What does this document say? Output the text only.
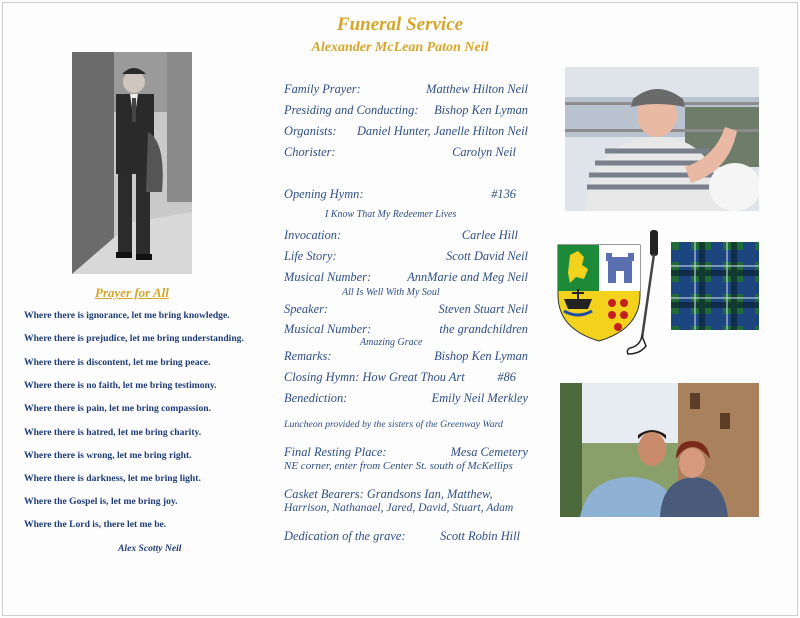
Funeral Service
Alexander McLean Paton Neil
Prayer for All
Where there is ignorance, let me bring knowledge.
Where there is prejudice, let me bring understanding.
Where there is discontent, let me bring peace.
Where there is no faith, let me bring testimony.
Where there is pain, let me bring compassion.
Where there is hatred, let me bring charity.
Where there is wrong, let me bring right.
Where there is darkness, let me bring light.
Where the Gospel is, let me bring joy.
Where the Lord is, there let me be.
Alex Scotty Neil
Family Prayer:	Matthew Hilton Neil
Presiding and Conducting: Bishop Ken Lyman
Organists: Daniel Hunter, Janelle Hilton Neil
Chorister:	Carolyn Neil
Opening Hymn:	#136
I Know That My Redeemer Lives
Invocation:	Carlee Hill
Life Story:	Scott David Neil
Musical Number:	AnnMarie and Meg Neil
All Is Well With My Soul
Speaker:	Steven Stuart Neil
Musical Number:	the grandchildren
Amazing Grace
Remarks:	Bishop Ken Lyman
Closing Hymn: How Great Thou Art	#86
Benediction:	Emily Neil Merkley
Luncheon provided by the sisters of the Greenway Ward
Final Resting Place:	Mesa Cemetery
NE corner, enter from Center St. south of McKellips
Casket Bearers: Grandsons Ian, Matthew,
Harrison, Nathanael, Jared, David, Stuart, Adam
Dedication of the grave:	Scott Robin Hill
